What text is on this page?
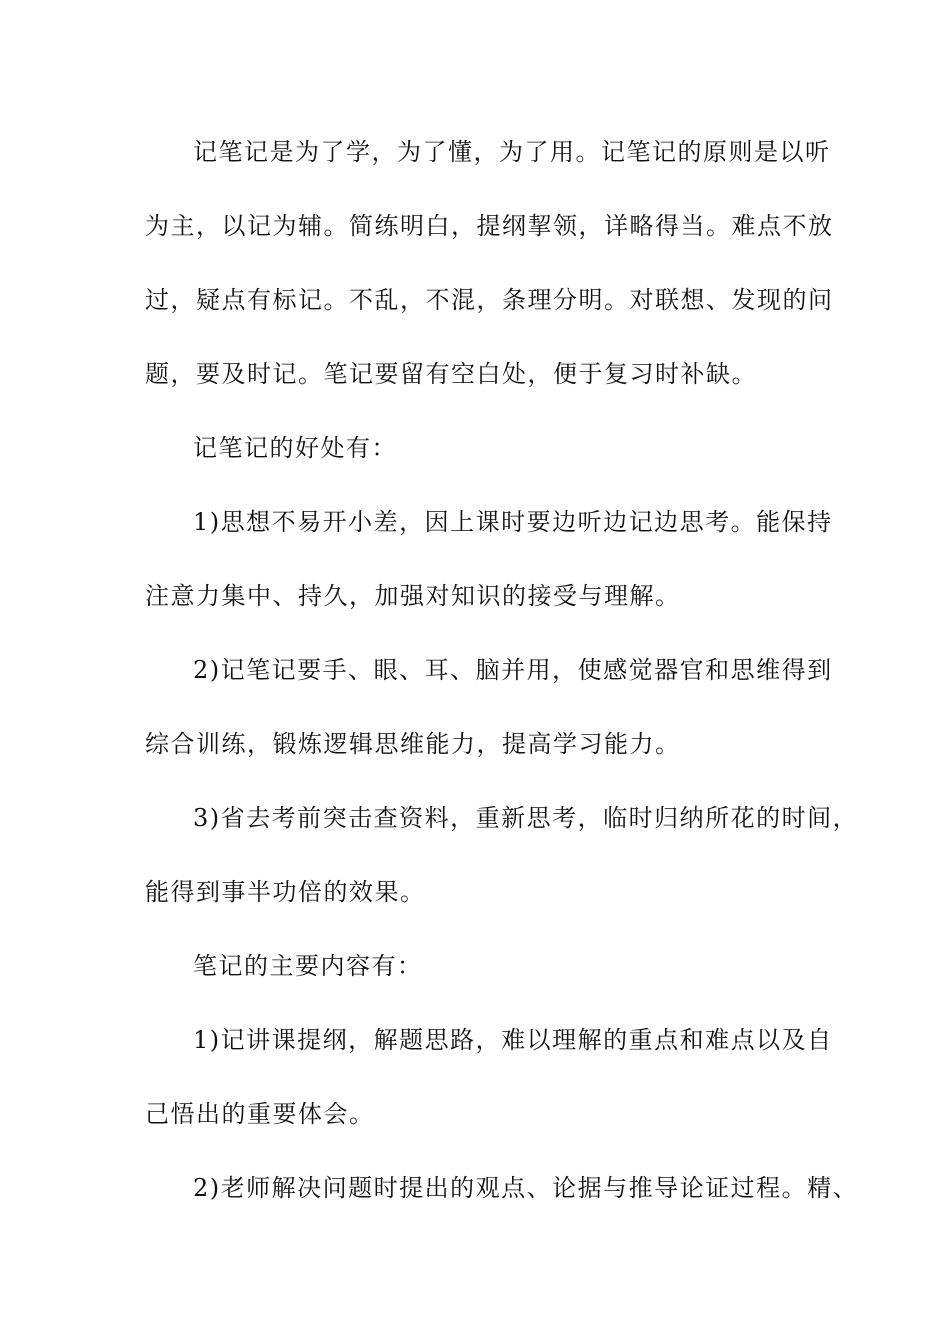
记笔记是为了学，为了懂，为了用。记笔记的原则是以听
为主，以记为辅。简练明白，提纲挈领，详略得当。难点不放
过，疑点有标记。不乱，不混，条理分明。对联想、发现的问
题，要及时记。笔记要留有空白处，便于复习时补缺。
记笔记的好处有：
1)思想不易开小差，因上课时要边听边记边思考。能保持
注意力集中、持久，加强对知识的接受与理解。
2)记笔记要手、眼、耳、脑并用，使感觉器官和思维得到
综合训练，锻炼逻辑思维能力，提高学习能力。
3)省去考前突击查资料，重新思考，临时归纳所花的时间，
能得到事半功倍的效果。
笔记的主要内容有：
1)记讲课提纲，解题思路，难以理解的重点和难点以及自
己悟出的重要体会。
2)老师解决问题时提出的观点、论据与推导论证过程。精、
